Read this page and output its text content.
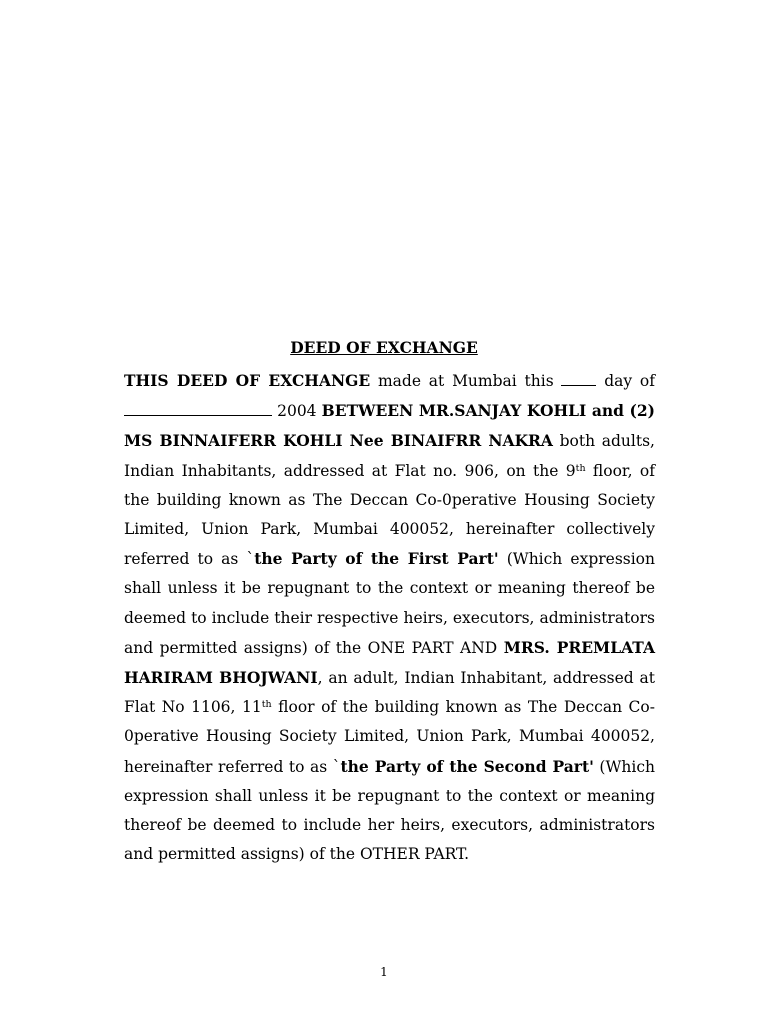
DEED OF EXCHANGE

THIS DEED OF EXCHANGE made at Mumbai this  day of  2004 BETWEEN MR.SANJAY KOHLI and (2) MS BINNAIFERR KOHLI Nee BINAIFRR NAKRA both adults, Indian Inhabitants, addressed at Flat no. 906, on the 9th floor, of the building known as The Deccan Co-0perative Housing Society Limited, Union Park, Mumbai 400052, hereinafter collectively referred to as `the Party of the First Part' (Which expression shall unless it be repugnant to the context or meaning thereof be deemed to include their respective heirs, executors, administrators and permitted assigns) of the ONE PART AND MRS. PREMLATA HARIRAM BHOJWANI, an adult, Indian Inhabitant, addressed at Flat No 1106, 11th floor of the building known as The Deccan Co-0perative Housing Society Limited, Union Park, Mumbai 400052, hereinafter referred to as `the Party of the Second Part' (Which expression shall unless it be repugnant to the context or meaning thereof be deemed to include her heirs, executors, administrators and permitted assigns) of the OTHER PART.

1
